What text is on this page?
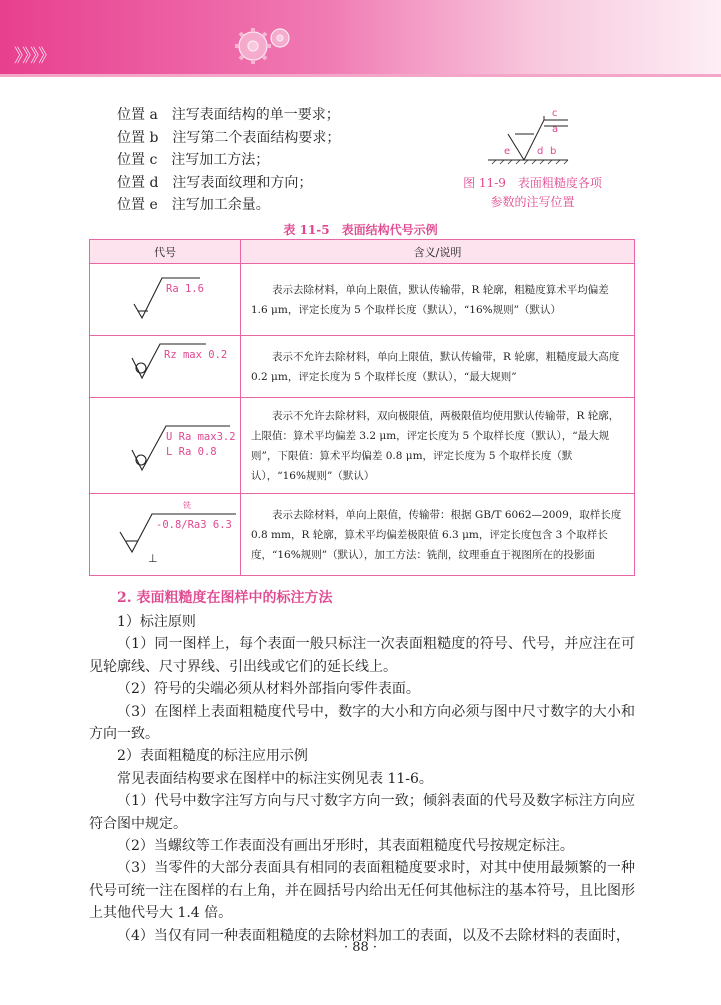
》》》》
位置 a　 注写表面结构的单一要求；
位置 b　 注写第二个表面结构要求；
位置 c　 注写加工方法；
位置 d　 注写表面纹理和方向；
位置 e　 注写加工余量。
c
a
e	d b
图 11-9　表面粗糙度各项
参数的注写位置
表 11-5　表面结构代号示例
代号	含义/说明

Ra 1.6	表示去除材料，单向上限值，默认传输带，R 轮廓，粗糙度算术平均偏差 1.6 μm，评定长度为 5 个取样长度（默认），“16%规则”（默认）

Rz max 0.2	表示不允许去除材料，单向上限值，默认传输带，R 轮廓，粗糙度最大高度 0.2 μm，评定长度为 5 个取样长度（默认），“最大规则”

U Ra max3.2
L Ra 0.8	表示不允许去除材料，双向极限值，两极限值均使用默认传输带，R 轮廓，上限值：算术平均偏差 3.2 μm，评定长度为 5 个取样长度（默认），“最大规则”，下限值：算术平均偏差 0.8 μm，评定长度为 5 个取样长度（默认），“16%规则”（默认）

铣
-0.8/Ra3 6.3
⊥	表示去除材料，单向上限值，传输带：根据 GB/T 6062—2009，取样长度 0.8 mm，R 轮廓，算术平均偏差极限值 6.3 μm，评定长度包含 3 个取样长度，“16%规则”（默认），加工方法：铣削，纹理垂直于视图所在的投影面
2. 表面粗糙度在图样中的标注方法

1）标注原则

（1）同一图样上，每个表面一般只标注一次表面粗糙度的符号、代号，并应注在可见轮廓线、尺寸界线、引出线或它们的延长线上。

（2）符号的尖端必须从材料外部指向零件表面。

（3）在图样上表面粗糙度代号中，数字的大小和方向必须与图中尺寸数字的大小和方向一致。

2）表面粗糙度的标注应用示例

常见表面结构要求在图样中的标注实例见表 11-6。

（1）代号中数字注写方向与尺寸数字方向一致；倾斜表面的代号及数字标注方向应符合图中规定。

（2）当螺纹等工作表面没有画出牙形时，其表面粗糙度代号按规定标注。

（3）当零件的大部分表面具有相同的表面粗糙度要求时，对其中使用最频繁的一种代号可统一注在图样的右上角，并在圆括号内给出无任何其他标注的基本符号，且比图形上其他代号大 1.4 倍。

（4）当仅有同一种表面粗糙度的去除材料加工的表面，以及不去除材料的表面时，

· 88 ·
